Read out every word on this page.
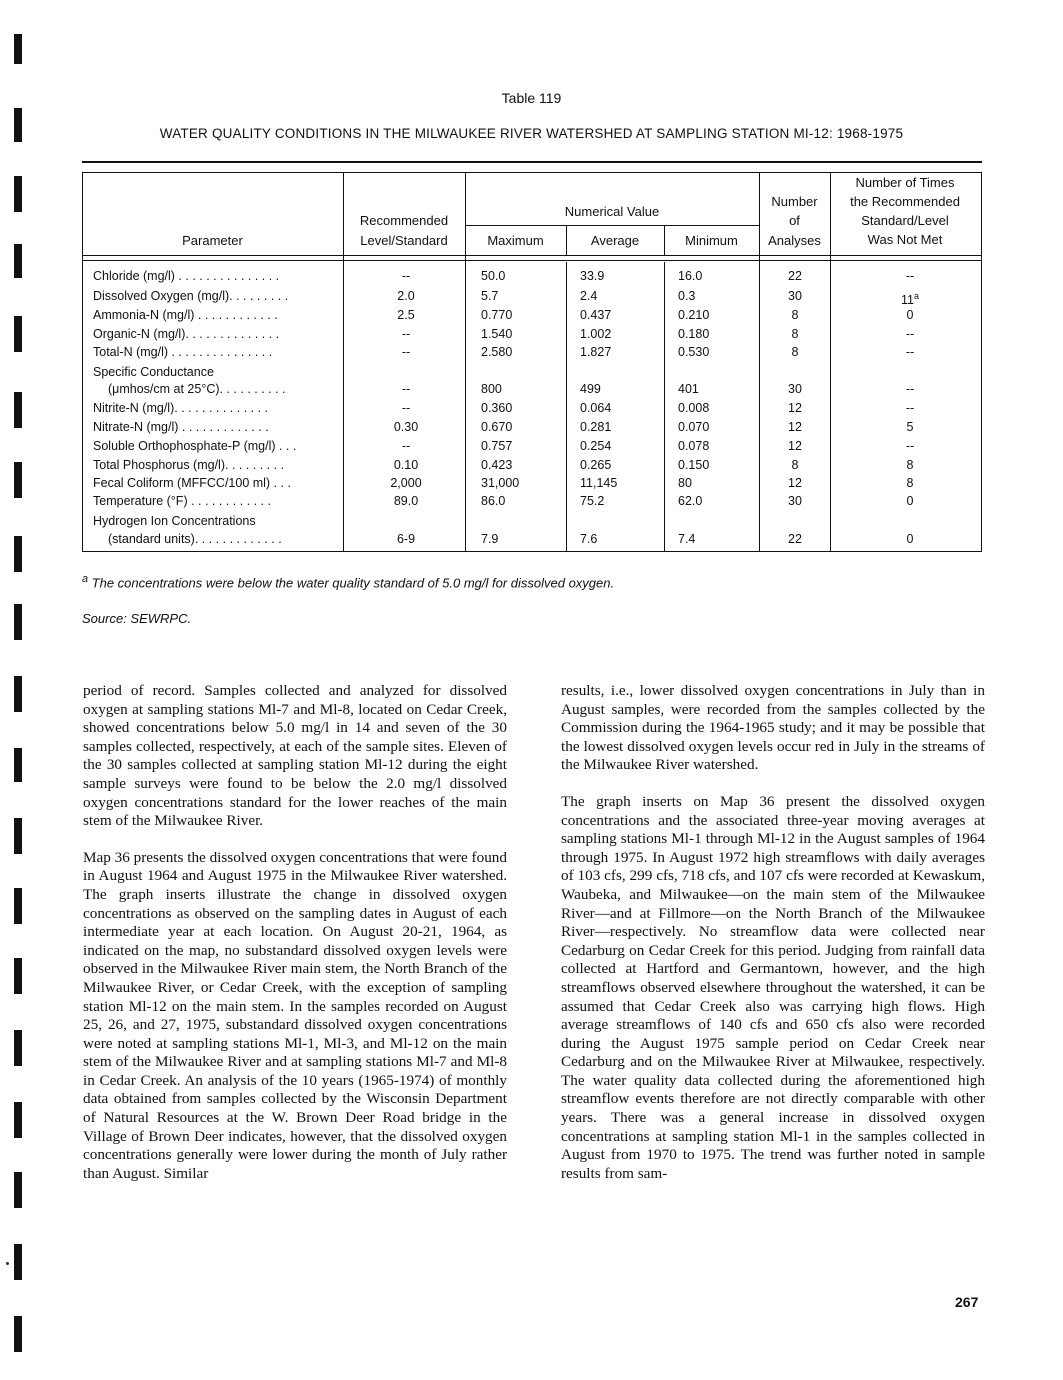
Table 119
WATER QUALITY CONDITIONS IN THE MILWAUKEE RIVER WATERSHED AT SAMPLING STATION MI-12: 1968-1975
Parameter
Recommended
Level/Standard
Numerical Value
Maximum	Average	Minimum
Number
of
Analyses
Number of Times
the Recommended
Standard/Level
Was Not Met
Chloride (mg/l) . . . . . . . . . . . . . . .	--	50.0	33.9	16.0	22	--
Dissolved Oxygen (mg/l). . . . . . . . .	2.0	5.7	2.4	0.3	30	11$^a$
Ammonia-N (mg/l) . . . . . . . . . . . .	2.5	0.770	0.437	0.210	8	0
Organic-N (mg/l). . . . . . . . . . . . . .	--	1.540	1.002	0.180	8	--
Total-N (mg/l) . . . . . . . . . . . . . . .	--	2.580	1.827	0.530	8	--
Specific Conductance
(μmhos/cm at 25°C). . . . . . . . . .	--	800	499	401	30	--
Nitrite-N (mg/l). . . . . . . . . . . . . .	--	0.360	0.064	0.008	12	--
Nitrate-N (mg/l) . . . . . . . . . . . . .	0.30	0.670	0.281	0.070	12	5
Soluble Orthophosphate-P (mg/l) . . .	--	0.757	0.254	0.078	12	--
Total Phosphorus (mg/l). . . . . . . . .	0.10	0.423	0.265	0.150	8	8
Fecal Coliform (MFFCC/100 ml) . . .	2,000	31,000	11,145	80	12	8
Temperature (°F) . . . . . . . . . . . .	89.0	86.0	75.2	62.0	30	0
Hydrogen Ion Concentrations
(standard units). . . . . . . . . . . . .	6-9	7.9	7.6	7.4	22	0
$^a$ The concentrations were below the water quality standard of 5.0 mg/l for dissolved oxygen.
Source: SEWRPC.

period of record. Samples collected and analyzed for dissolved oxygen at sampling stations Ml-7 and Ml-8, located on Cedar Creek, showed concentrations below 5.0 mg/l in 14 and seven of the 30 samples collected, respectively, at each of the sample sites. Eleven of the 30 samples collected at sampling station Ml-12 during the eight sample surveys were found to be below the 2.0 mg/l dissolved oxygen concentrations standard for the lower reaches of the main stem of the Milwaukee River.

Map 36 presents the dissolved oxygen concentrations that were found in August 1964 and August 1975 in the Milwaukee River watershed. The graph inserts illustrate the change in dissolved oxygen concentrations as observed on the sampling dates in August of each intermediate year at each location. On August 20-21, 1964, as indicated on the map, no substandard dissolved oxygen levels were observed in the Milwaukee River main stem, the North Branch of the Milwaukee River, or Cedar Creek, with the exception of sampling station Ml-12 on the main stem. In the samples recorded on August 25, 26, and 27, 1975, substandard dissolved oxygen concentrations were noted at sampling stations Ml-1, Ml-3, and Ml-12 on the main stem of the Milwaukee River and at sampling stations Ml-7 and Ml-8 in Cedar Creek. An analysis of the 10 years (1965-1974) of monthly data obtained from samples collected by the Wisconsin Department of Natural Resources at the W. Brown Deer Road bridge in the Village of Brown Deer indicates, however, that the dissolved oxygen concentrations generally were lower during the month of July rather than August. Similar

results, i.e., lower dissolved oxygen concentrations in July than in August samples, were recorded from the samples collected by the Commission during the 1964-1965 study; and it may be possible that the lowest dissolved oxygen levels occur red in July in the streams of the Milwaukee River watershed.

The graph inserts on Map 36 present the dissolved oxygen concentrations and the associated three-year moving averages at sampling stations Ml-1 through Ml-12 in the August samples of 1964 through 1975. In August 1972 high streamflows with daily averages of 103 cfs, 299 cfs, 718 cfs, and 107 cfs were recorded at Kewaskum, Waubeka, and Milwaukee—on the main stem of the Milwaukee River—and at Fillmore—on the North Branch of the Milwaukee River—respectively. No streamflow data were collected near Cedarburg on Cedar Creek for this period. Judging from rainfall data collected at Hartford and Germantown, however, and the high streamflows observed elsewhere throughout the watershed, it can be assumed that Cedar Creek also was carrying high flows. High average streamflows of 140 cfs and 650 cfs also were recorded during the August 1975 sample period on Cedar Creek near Cedarburg and on the Milwaukee River at Milwaukee, respectively. The water quality data collected during the aforementioned high streamflow events therefore are not directly comparable with other years. There was a general increase in dissolved oxygen concentrations at sampling station Ml-1 in the samples collected in August from 1970 to 1975. The trend was further noted in sample results from sam-

267
